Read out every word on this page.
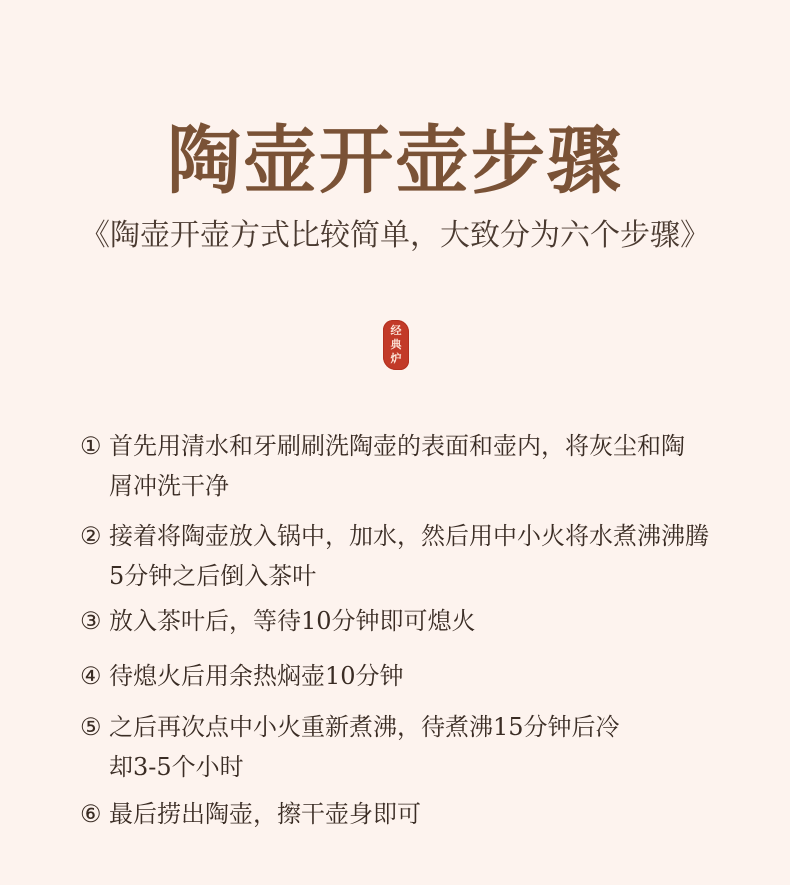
陶壶开壶步骤
《陶壶开壶方式比较简单，大致分为六个步骤》
经
典
炉
① 首先用清水和牙刷刷洗陶壶的表面和壶内，将灰尘和陶屑冲洗干净
② 接着将陶壶放入锅中，加水，然后用中小火将水煮沸沸腾5分钟之后倒入茶叶
③ 放入茶叶后，等待10分钟即可熄火
④ 待熄火后用余热焖壶10分钟
⑤ 之后再次点中小火重新煮沸，待煮沸15分钟后冷却3-5个小时
⑥ 最后捞出陶壶，擦干壶身即可
